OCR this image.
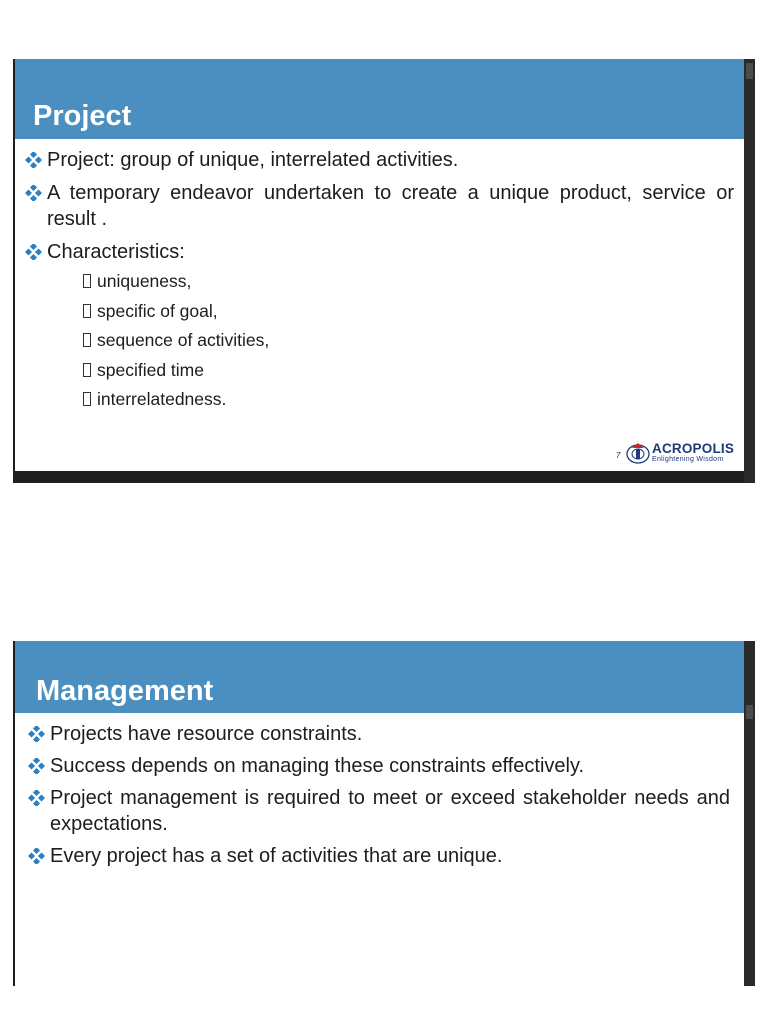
Project
Project: group of unique, interrelated activities.
A temporary endeavor undertaken to create a unique product, service or result .
Characteristics:
uniqueness,
specific of goal,
sequence of activities,
specified time
interrelatedness.
7 ACROPOLIS
Enlightening Wisdom
Management
Projects have resource constraints.
Success depends on managing these constraints effectively.
Project management is required to meet or exceed stakeholder needs and expectations.
Every project has a set of activities that are unique.
